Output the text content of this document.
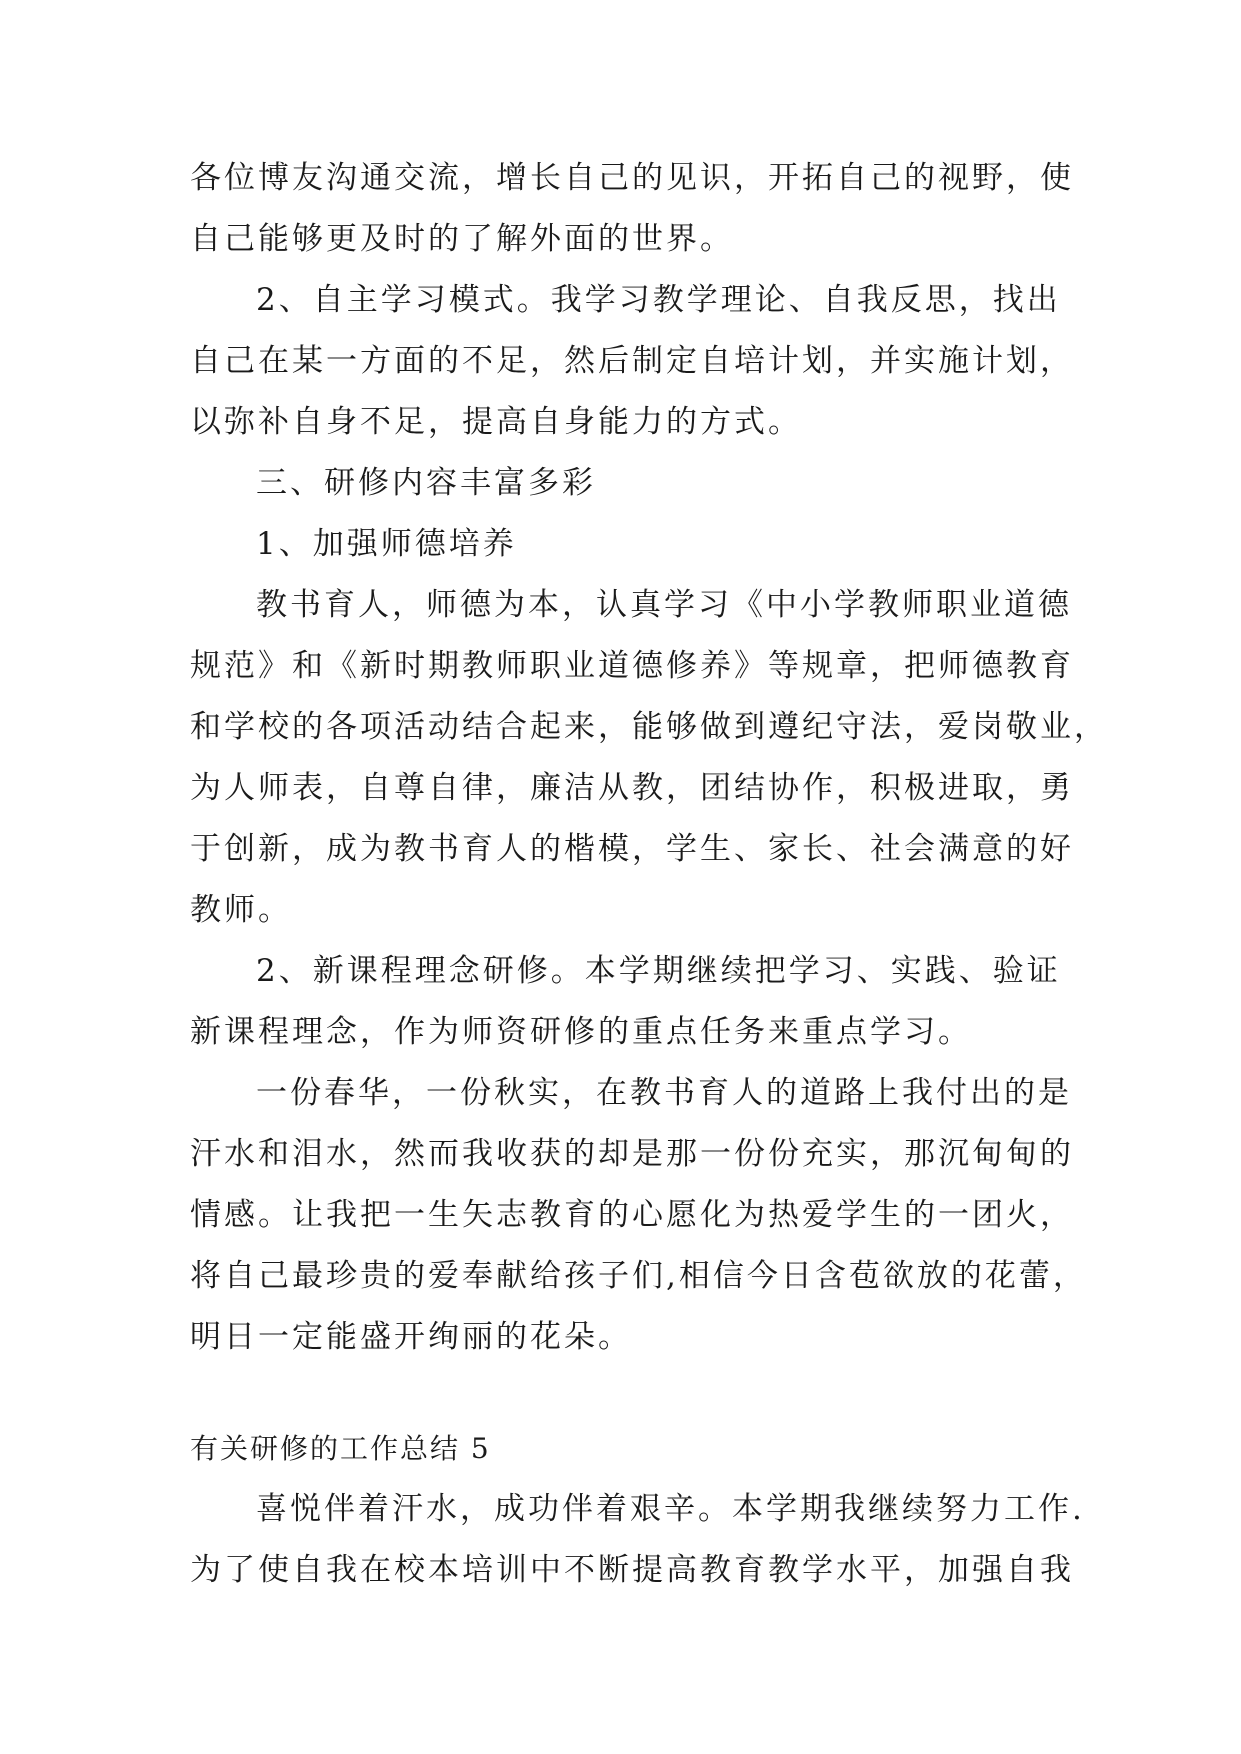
各位博友沟通交流，增长自己的见识，开拓自己的视野，使
自己能够更及时的了解外面的世界。
2、自主学习模式。我学习教学理论、自我反思，找出
自己在某一方面的不足，然后制定自培计划，并实施计划，
以弥补自身不足，提高自身能力的方式。
三、研修内容丰富多彩
1、加强师德培养
教书育人，师德为本，认真学习《中小学教师职业道德
规范》和《新时期教师职业道德修养》等规章，把师德教育
和学校的各项活动结合起来，能够做到遵纪守法，爱岗敬业，
为人师表，自尊自律，廉洁从教，团结协作，积极进取，勇
于创新，成为教书育人的楷模，学生、家长、社会满意的好
教师。
2、新课程理念研修。本学期继续把学习、实践、验证
新课程理念，作为师资研修的重点任务来重点学习。
一份春华，一份秋实，在教书育人的道路上我付出的是
汗水和泪水，然而我收获的却是那一份份充实，那沉甸甸的
情感。让我把一生矢志教育的心愿化为热爱学生的一团火，
将自己最珍贵的爱奉献给孩子们,相信今日含苞欲放的花蕾，
明日一定能盛开绚丽的花朵。
有关研修的工作总结 5
喜悦伴着汗水，成功伴着艰辛。本学期我继续努力工作.
为了使自我在校本培训中不断提高教育教学水平，加强自我
